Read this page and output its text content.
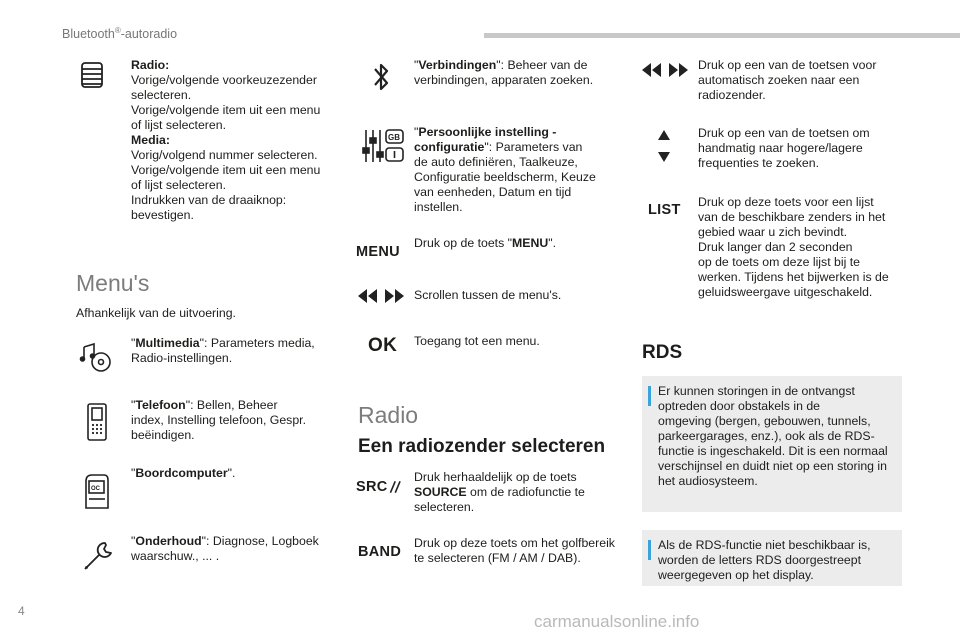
Bluetooth®-autoradio

Radio:

Vorige/volgende voorkeuzezender

selecteren.

Vorige/volgende item uit een menu

of lijst selecteren.

Media:

Vorig/volgend nummer selecteren.

Vorige/volgende item uit een menu

of lijst selecteren.

Indrukken van de draaiknop:

bevestigen.

Menu's
Afhankelijk van de uitvoering.

"Multimedia": Parameters media,

Radio-instellingen.

"Telefoon": Bellen, Beheer

index, Instelling telefoon, Gespr.

beëindigen.

OC

"Boordcomputer".

"Onderhoud": Diagnose, Logboek

waarschuw., ... .

"Verbindingen": Beheer van de

verbindingen, apparaten zoeken.

GB "Persoonlijke instelling -

configuratie": Parameters van

de auto definiëren, Taalkeuze,

Configuratie beeldscherm, Keuze

van eenheden, Datum en tijd

instellen.

MENU

Druk op de toets "MENU".

Scrollen tussen de menu's.
OK Toegang tot een menu.
Radio
Een radiozender selecteren
SRC

Druk herhaaldelijk op de toets

SOURCE om de radiofunctie te

selecteren.

BAND

Druk op deze toets om het golfbereik

te selecteren (FM / AM / DAB).

Druk op een van de toetsen voor

automatisch zoeken naar een

radiozender.

Druk op een van de toetsen om

handmatig naar hogere/lagere

frequenties te zoeken.

LIST Druk op deze toets voor een lijst

van de beschikbare zenders in het

gebied waar u zich bevindt.

Druk langer dan 2 seconden

op de toets om deze lijst bij te

werken. Tijdens het bijwerken is de

geluidsweergave uitgeschakeld.

RDS

Er kunnen storingen in de ontvangst

optreden door obstakels in de

omgeving (bergen, gebouwen, tunnels,

parkeergarages, enz.), ook als de RDS-

functie is ingeschakeld. Dit is een normaal

verschijnsel en duidt niet op een storing in

het audiosysteem.

Als de RDS-functie niet beschikbaar is,

worden de letters RDS doorgestreept

weergegeven op het display.

4
carmanualsonline.info
